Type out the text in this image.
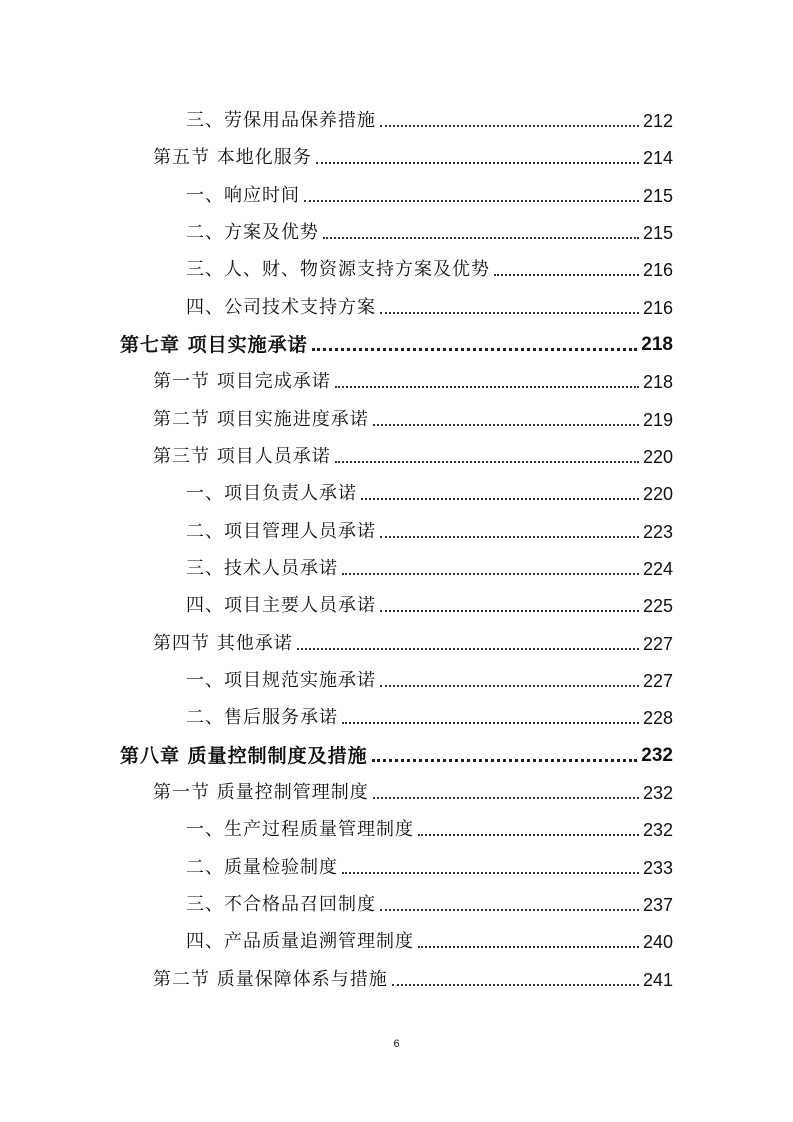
三、劳保用品保养措施	212
第五节 本地化服务	214
一、响应时间	215
二、方案及优势	215
三、人、财、物资源支持方案及优势	216
四、公司技术支持方案	216
第七章 项目实施承诺	218
第一节 项目完成承诺	218
第二节 项目实施进度承诺	219
第三节 项目人员承诺	220
一、项目负责人承诺	220
二、项目管理人员承诺	223
三、技术人员承诺	224
四、项目主要人员承诺	225
第四节 其他承诺	227
一、项目规范实施承诺	227
二、售后服务承诺	228
第八章 质量控制制度及措施	232
第一节 质量控制管理制度	232
一、生产过程质量管理制度	232
二、质量检验制度	233
三、不合格品召回制度	237
四、产品质量追溯管理制度	240
第二节 质量保障体系与措施	241
6
